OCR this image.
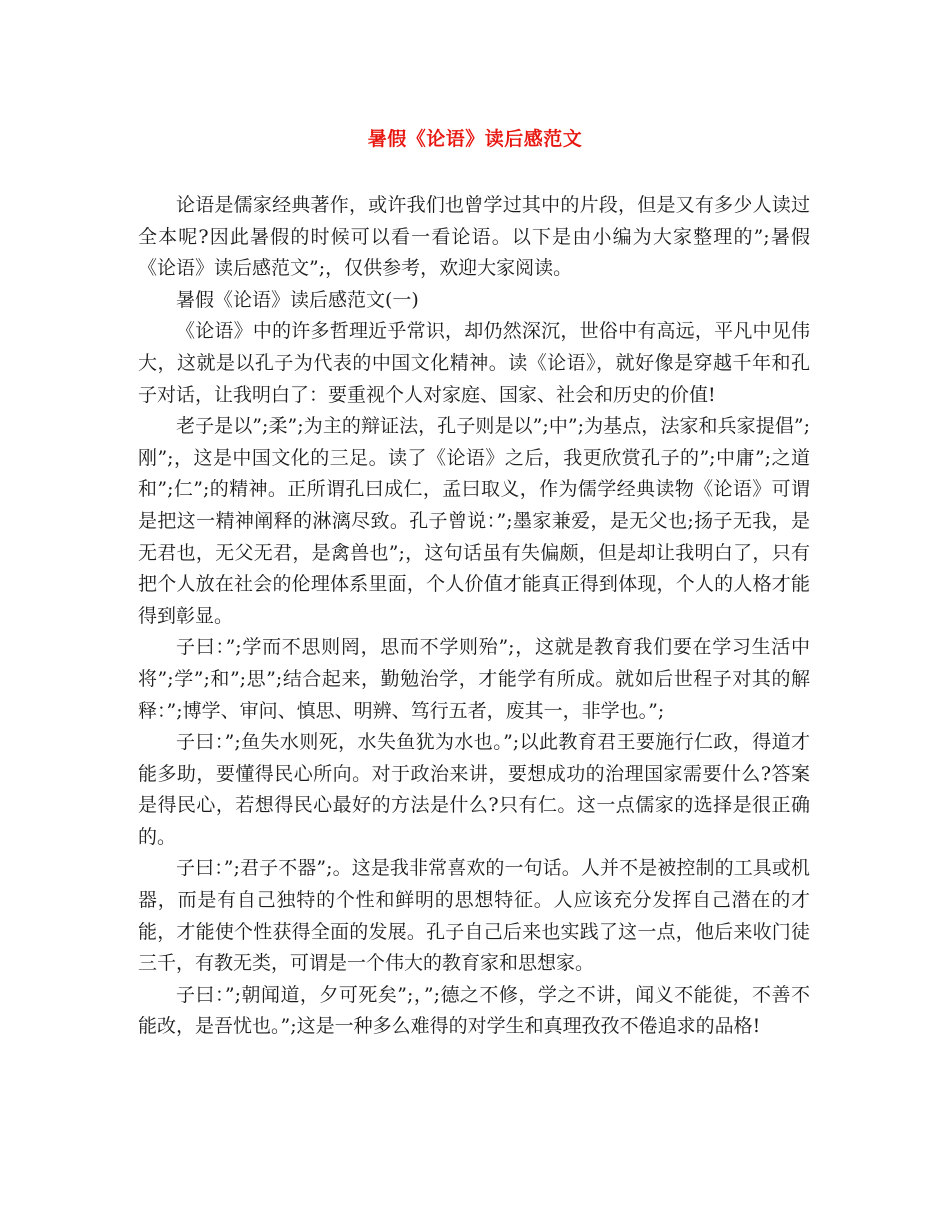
暑假《论语》读后感范文

论语是儒家经典著作，或许我们也曾学过其中的片段，但是又有多少人读过全本呢?因此暑假的时候可以看一看论语。以下是由小编为大家整理的”;暑假《论语》读后感范文”;，仅供参考，欢迎大家阅读。

暑假《论语》读后感范文(一)

《论语》中的许多哲理近乎常识，却仍然深沉，世俗中有高远，平凡中见伟大，这就是以孔子为代表的中国文化精神。读《论语》，就好像是穿越千年和孔子对话，让我明白了：要重视个人对家庭、国家、社会和历史的价值!

老子是以”;柔”;为主的辩证法，孔子则是以”;中”;为基点，法家和兵家提倡”;刚”;，这是中国文化的三足。读了《论语》之后，我更欣赏孔子的”;中庸”;之道和”;仁”;的精神。正所谓孔曰成仁，孟曰取义，作为儒学经典读物《论语》可谓是把这一精神阐释的淋漓尽致。孔子曾说：”;墨家兼爱，是无父也;扬子无我，是无君也，无父无君，是禽兽也”;，这句话虽有失偏颇，但是却让我明白了，只有把个人放在社会的伦理体系里面，个人价值才能真正得到体现，个人的人格才能得到彰显。

子曰：”;学而不思则罔，思而不学则殆”;，这就是教育我们要在学习生活中将”;学”;和”;思”;结合起来，勤勉治学，才能学有所成。就如后世程子对其的解释：”;博学、审问、慎思、明辨、笃行五者，废其一，非学也。”;

子曰：”;鱼失水则死，水失鱼犹为水也。”;以此教育君王要施行仁政，得道才能多助，要懂得民心所向。对于政治来讲，要想成功的治理国家需要什么?答案是得民心，若想得民心最好的方法是什么?只有仁。这一点儒家的选择是很正确的。

子曰：”;君子不器”;。这是我非常喜欢的一句话。人并不是被控制的工具或机器，而是有自己独特的个性和鲜明的思想特征。人应该充分发挥自己潜在的才能，才能使个性获得全面的发展。孔子自己后来也实践了这一点，他后来收门徒三千，有教无类，可谓是一个伟大的教育家和思想家。

子曰：”;朝闻道，夕可死矣”;，”;德之不修，学之不讲，闻义不能徙，不善不能改，是吾忧也。”;这是一种多么难得的对学生和真理孜孜不倦追求的品格!
